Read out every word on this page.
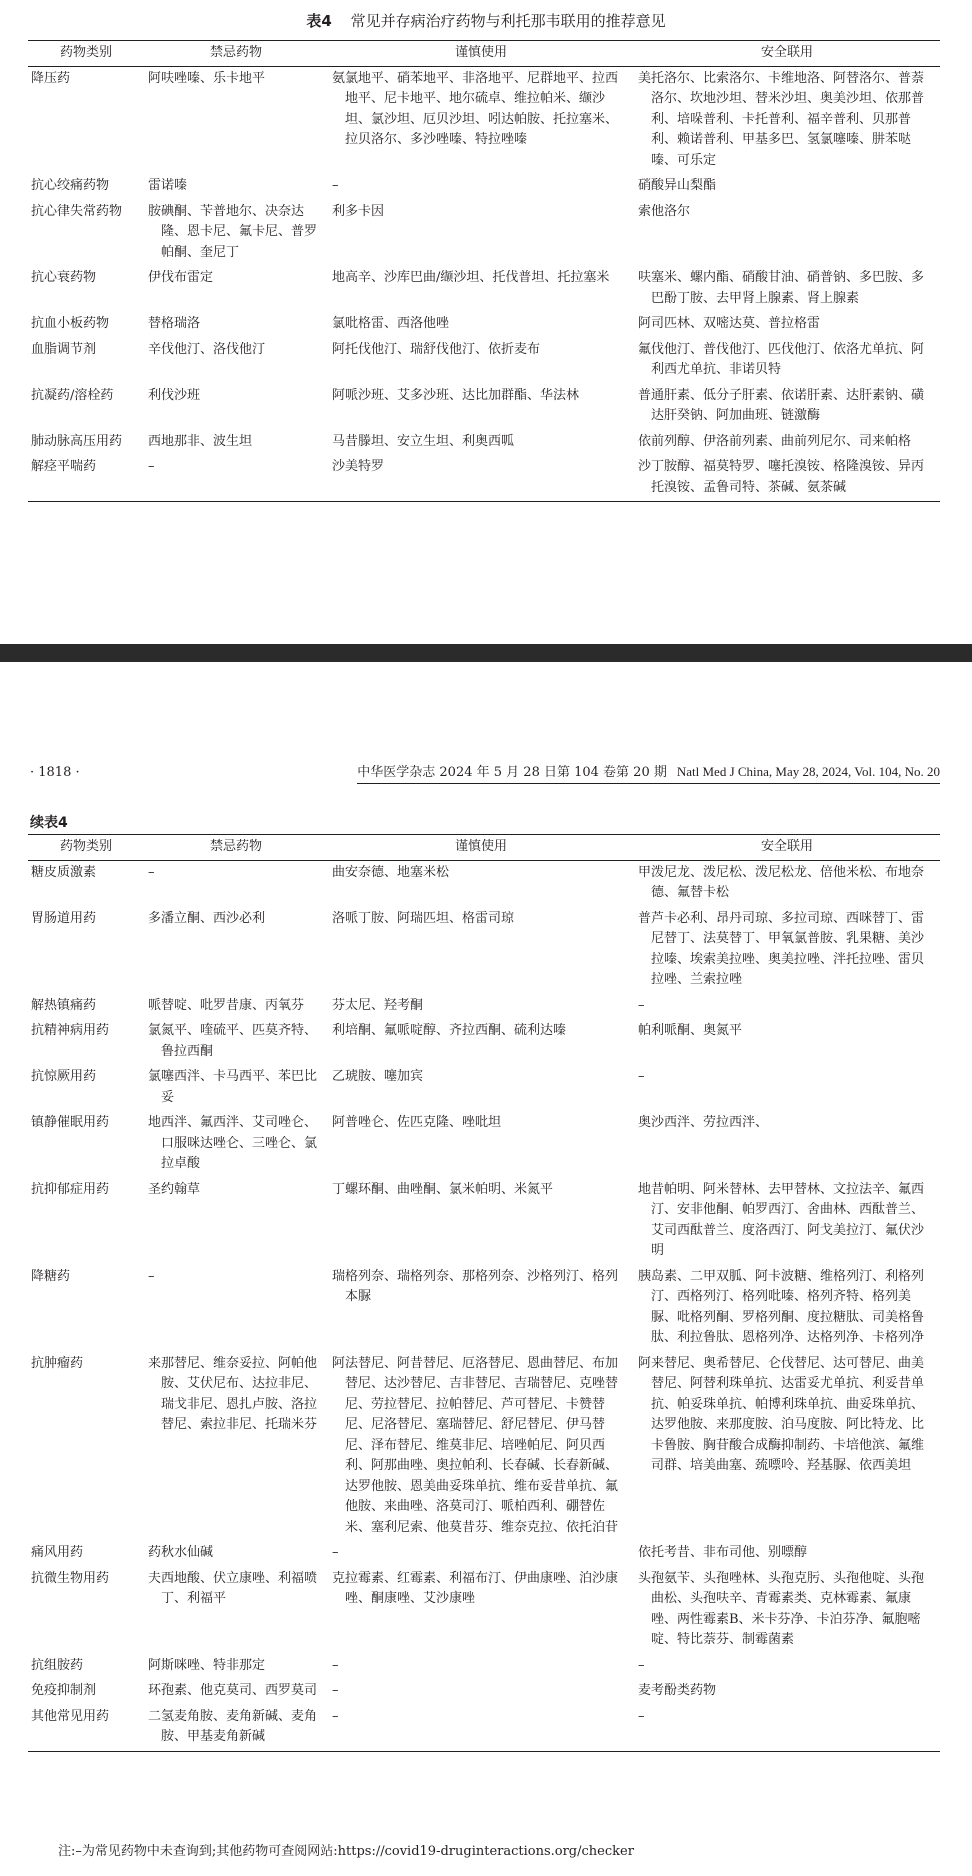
表4 常见并存病治疗药物与利托那韦联用的推荐意见
药物类别	禁忌药物	谨慎使用	安全联用

降压药	阿呋唑嗪、乐卡地平	氨氯地平、硝苯地平、非洛地平、尼群地平、拉西地平、尼卡地平、地尔硫卓、维拉帕米、缬沙坦、氯沙坦、厄贝沙坦、吲达帕胺、托拉塞米、拉贝洛尔、多沙唑嗪、特拉唑嗪	美托洛尔、比索洛尔、卡维地洛、阿替洛尔、普萘洛尔、坎地沙坦、替米沙坦、奥美沙坦、依那普利、培哚普利、卡托普利、福辛普利、贝那普利、赖诺普利、甲基多巴、氢氯噻嗪、肼苯哒嗪、可乐定

抗心绞痛药物	雷诺嗪	–	硝酸异山梨酯

抗心律失常药物	胺碘酮、苄普地尔、决奈达隆、恩卡尼、氟卡尼、普罗帕酮、奎尼丁	利多卡因	索他洛尔

抗心衰药物	伊伐布雷定	地高辛、沙库巴曲/缬沙坦、托伐普坦、托拉塞米	呋塞米、螺内酯、硝酸甘油、硝普钠、多巴胺、多巴酚丁胺、去甲肾上腺素、肾上腺素

抗血小板药物	替格瑞洛	氯吡格雷、西洛他唑	阿司匹林、双嘧达莫、普拉格雷

血脂调节剂	辛伐他汀、洛伐他汀	阿托伐他汀、瑞舒伐他汀、依折麦布	氟伐他汀、普伐他汀、匹伐他汀、依洛尤单抗、阿利西尤单抗、非诺贝特

抗凝药/溶栓药	利伐沙班	阿哌沙班、艾多沙班、达比加群酯、华法林	普通肝素、低分子肝素、依诺肝素、达肝素钠、磺达肝癸钠、阿加曲班、链激酶

肺动脉高压用药	西地那非、波生坦	马昔滕坦、安立生坦、利奥西呱	依前列醇、伊洛前列素、曲前列尼尔、司来帕格

解痉平喘药	–	沙美特罗	沙丁胺醇、福莫特罗、噻托溴铵、格隆溴铵、异丙托溴铵、孟鲁司特、茶碱、氨茶碱
· 1818 ·	中华医学杂志 2024 年 5 月 28 日第 104 卷第 20 期 Natl Med J China, May 28, 2024, Vol. 104, No. 20
续表4
药物类别	禁忌药物	谨慎使用	安全联用

糖皮质激素	–	曲安奈德、地塞米松	甲泼尼龙、泼尼松、泼尼松龙、倍他米松、布地奈德、氟替卡松

胃肠道用药	多潘立酮、西沙必利	洛哌丁胺、阿瑞匹坦、格雷司琼	普芦卡必利、昂丹司琼、多拉司琼、西咪替丁、雷尼替丁、法莫替丁、甲氧氯普胺、乳果糖、美沙拉嗪、埃索美拉唑、奥美拉唑、泮托拉唑、雷贝拉唑、兰索拉唑

解热镇痛药	哌替啶、吡罗昔康、丙氧芬	芬太尼、羟考酮	–

抗精神病用药	氯氮平、喹硫平、匹莫齐特、鲁拉西酮	利培酮、氟哌啶醇、齐拉西酮、硫利达嗪	帕利哌酮、奥氮平

抗惊厥用药	氯噻西泮、卡马西平、苯巴比妥	乙琥胺、噻加宾	–

镇静催眠用药	地西泮、氟西泮、艾司唑仑、口服咪达唑仑、三唑仑、氯拉卓酸	阿普唑仑、佐匹克隆、唑吡坦	奥沙西泮、劳拉西泮、

抗抑郁症用药	圣约翰草	丁螺环酮、曲唑酮、氯米帕明、米氮平	地昔帕明、阿米替林、去甲替林、文拉法辛、氟西汀、安非他酮、帕罗西汀、舍曲林、西酞普兰、艾司西酞普兰、度洛西汀、阿戈美拉汀、氟伏沙明

降糖药	–	瑞格列奈、瑞格列奈、那格列奈、沙格列汀、格列本脲	胰岛素、二甲双胍、阿卡波糖、维格列汀、利格列汀、西格列汀、格列吡嗪、格列齐特、格列美脲、吡格列酮、罗格列酮、度拉糖肽、司美格鲁肽、利拉鲁肽、恩格列净、达格列净、卡格列净

抗肿瘤药	来那替尼、维奈妥拉、阿帕他胺、艾伏尼布、达拉非尼、瑞戈非尼、恩扎卢胺、洛拉替尼、索拉非尼、托瑞米芬	阿法替尼、阿昔替尼、厄洛替尼、恩曲替尼、布加替尼、达沙替尼、吉非替尼、吉瑞替尼、克唑替尼、劳拉替尼、拉帕替尼、芦可替尼、卡赞替尼、尼洛替尼、塞瑞替尼、舒尼替尼、伊马替尼、泽布替尼、维莫非尼、培唑帕尼、阿贝西利、阿那曲唑、奥拉帕利、长春碱、长春新碱、达罗他胺、恩美曲妥珠单抗、维布妥昔单抗、氟他胺、来曲唑、洛莫司汀、哌柏西利、硼替佐米、塞利尼索、他莫昔芬、维奈克拉、依托泊苷	阿来替尼、奥希替尼、仑伐替尼、达可替尼、曲美替尼、阿替利珠单抗、达雷妥尤单抗、利妥昔单抗、帕妥珠单抗、帕博利珠单抗、曲妥珠单抗、达罗他胺、来那度胺、泊马度胺、阿比特龙、比卡鲁胺、胸苷酸合成酶抑制药、卡培他滨、氟维司群、培美曲塞、巯嘌呤、羟基脲、依西美坦

痛风用药	药秋水仙碱	–	依托考昔、非布司他、别嘌醇

抗微生物用药	夫西地酸、伏立康唑、利福喷丁、利福平	克拉霉素、红霉素、利福布汀、伊曲康唑、泊沙康唑、酮康唑、艾沙康唑	头孢氨苄、头孢唑林、头孢克肟、头孢他啶、头孢曲松、头孢呋辛、青霉素类、克林霉素、氟康唑、两性霉素B、米卡芬净、卡泊芬净、氟胞嘧啶、特比萘芬、制霉菌素

抗组胺药	阿斯咪唑、特非那定	–	–

免疫抑制剂	环孢素、他克莫司、西罗莫司	–	麦考酚类药物

其他常见用药	二氢麦角胺、麦角新碱、麦角胺、甲基麦角新碱	–	–
注:–为常见药物中未查询到;其他药物可查阅网站:https://covid19-druginteractions.org/checker
